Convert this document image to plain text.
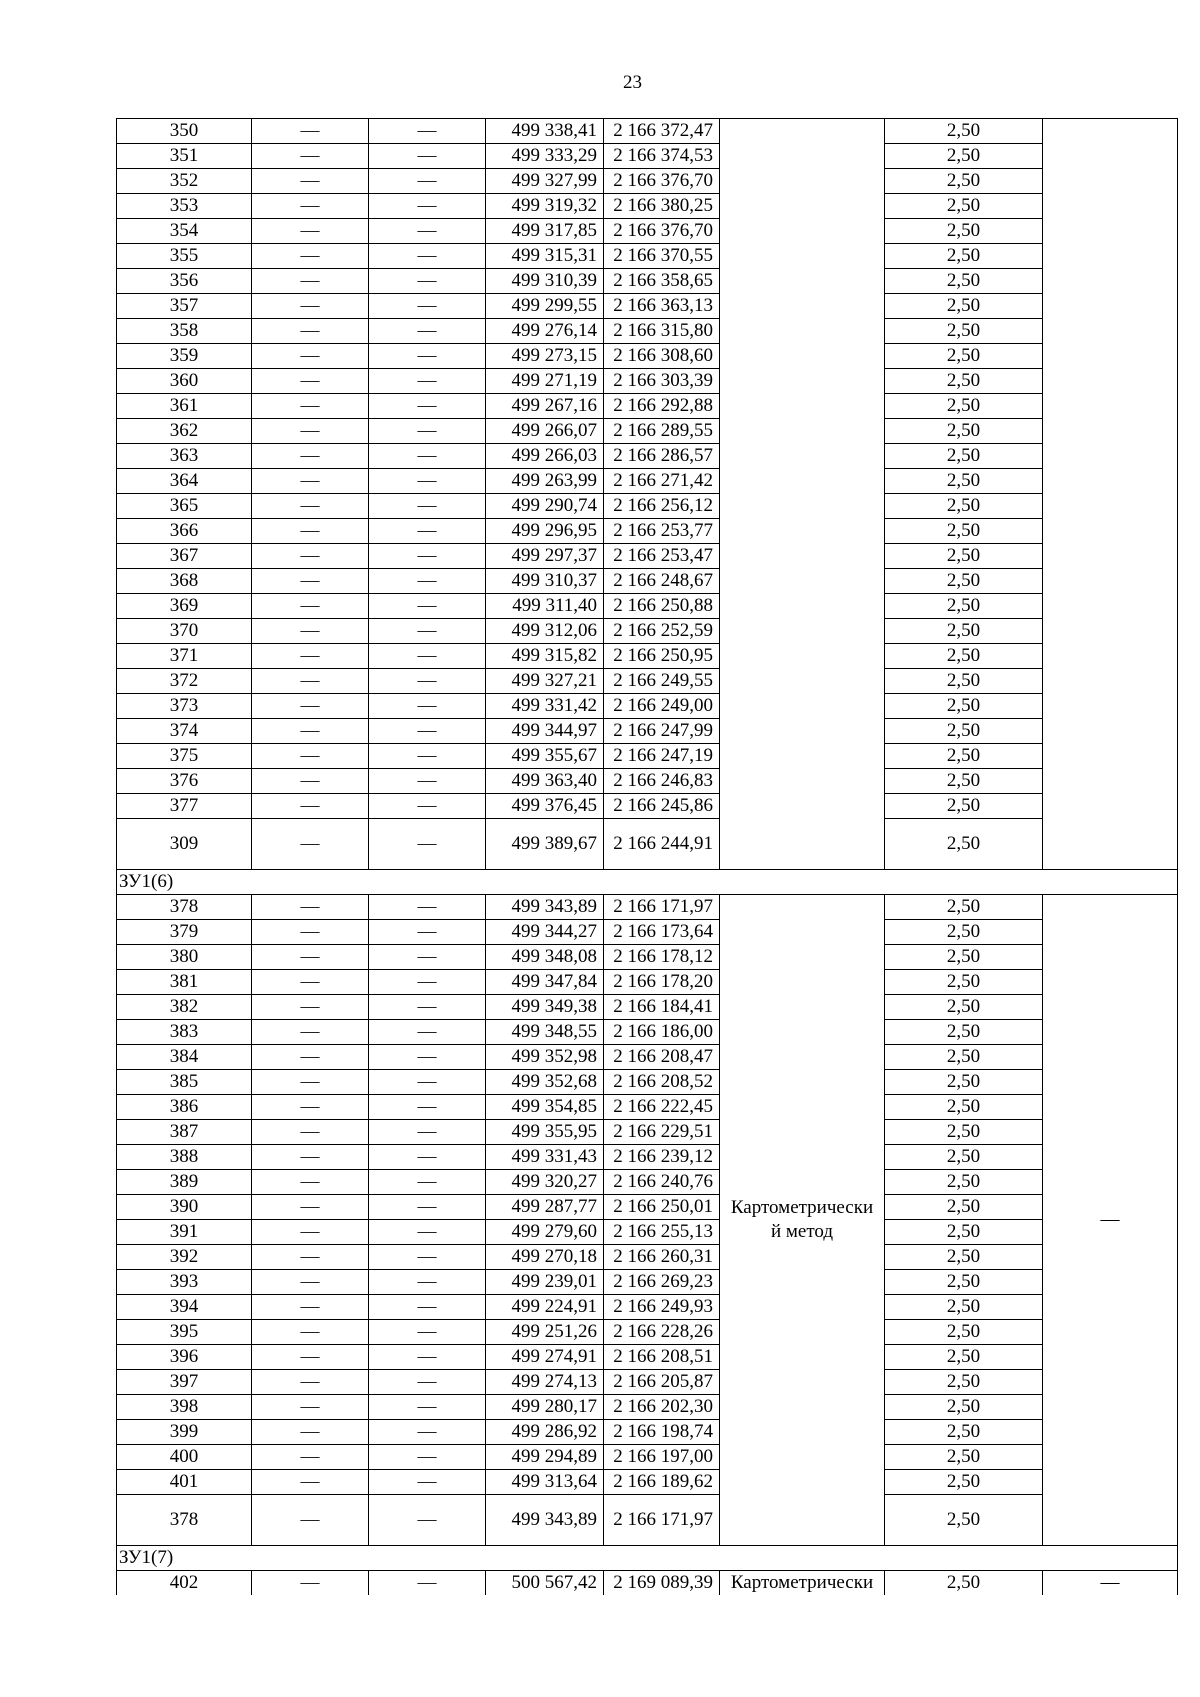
23
350	—	—	499 338,41	2 166 372,47		2,50	
351	—	—	499 333,29	2 166 374,53		2,50	
352	—	—	499 327,99	2 166 376,70		2,50	
353	—	—	499 319,32	2 166 380,25		2,50	
354	—	—	499 317,85	2 166 376,70		2,50	
355	—	—	499 315,31	2 166 370,55		2,50	
356	—	—	499 310,39	2 166 358,65		2,50	
357	—	—	499 299,55	2 166 363,13		2,50	
358	—	—	499 276,14	2 166 315,80		2,50	
359	—	—	499 273,15	2 166 308,60		2,50	
360	—	—	499 271,19	2 166 303,39		2,50	
361	—	—	499 267,16	2 166 292,88		2,50	
362	—	—	499 266,07	2 166 289,55		2,50	
363	—	—	499 266,03	2 166 286,57		2,50	
364	—	—	499 263,99	2 166 271,42		2,50	
365	—	—	499 290,74	2 166 256,12		2,50	
366	—	—	499 296,95	2 166 253,77		2,50	
367	—	—	499 297,37	2 166 253,47		2,50	
368	—	—	499 310,37	2 166 248,67		2,50	
369	—	—	499 311,40	2 166 250,88		2,50	
370	—	—	499 312,06	2 166 252,59		2,50	
371	—	—	499 315,82	2 166 250,95		2,50	
372	—	—	499 327,21	2 166 249,55		2,50	
373	—	—	499 331,42	2 166 249,00		2,50	
374	—	—	499 344,97	2 166 247,99		2,50	
375	—	—	499 355,67	2 166 247,19		2,50	
376	—	—	499 363,40	2 166 246,83		2,50	
377	—	—	499 376,45	2 166 245,86		2,50	
309	—	—	499 389,67	2 166 244,91		2,50	
ЗУ1(6)							
378	—	—	499 343,89	2 166 171,97	Картометрически й метод	2,50	—
379	—	—	499 344,27	2 166 173,64		2,50	
380	—	—	499 348,08	2 166 178,12		2,50	
381	—	—	499 347,84	2 166 178,20		2,50	
382	—	—	499 349,38	2 166 184,41		2,50	
383	—	—	499 348,55	2 166 186,00		2,50	
384	—	—	499 352,98	2 166 208,47		2,50	
385	—	—	499 352,68	2 166 208,52		2,50	
386	—	—	499 354,85	2 166 222,45		2,50	
387	—	—	499 355,95	2 166 229,51		2,50	
388	—	—	499 331,43	2 166 239,12		2,50	
389	—	—	499 320,27	2 166 240,76		2,50	
390	—	—	499 287,77	2 166 250,01		2,50	
391	—	—	499 279,60	2 166 255,13		2,50	
392	—	—	499 270,18	2 166 260,31		2,50	
393	—	—	499 239,01	2 166 269,23		2,50	
394	—	—	499 224,91	2 166 249,93		2,50	
395	—	—	499 251,26	2 166 228,26		2,50	
396	—	—	499 274,91	2 166 208,51		2,50	
397	—	—	499 274,13	2 166 205,87		2,50	
398	—	—	499 280,17	2 166 202,30		2,50	
399	—	—	499 286,92	2 166 198,74		2,50	
400	—	—	499 294,89	2 166 197,00		2,50	
401	—	—	499 313,64	2 166 189,62		2,50	
378	—	—	499 343,89	2 166 171,97		2,50	
ЗУ1(7)							
402	—	—	500 567,42	2 169 089,39	Картометрически	2,50	—
